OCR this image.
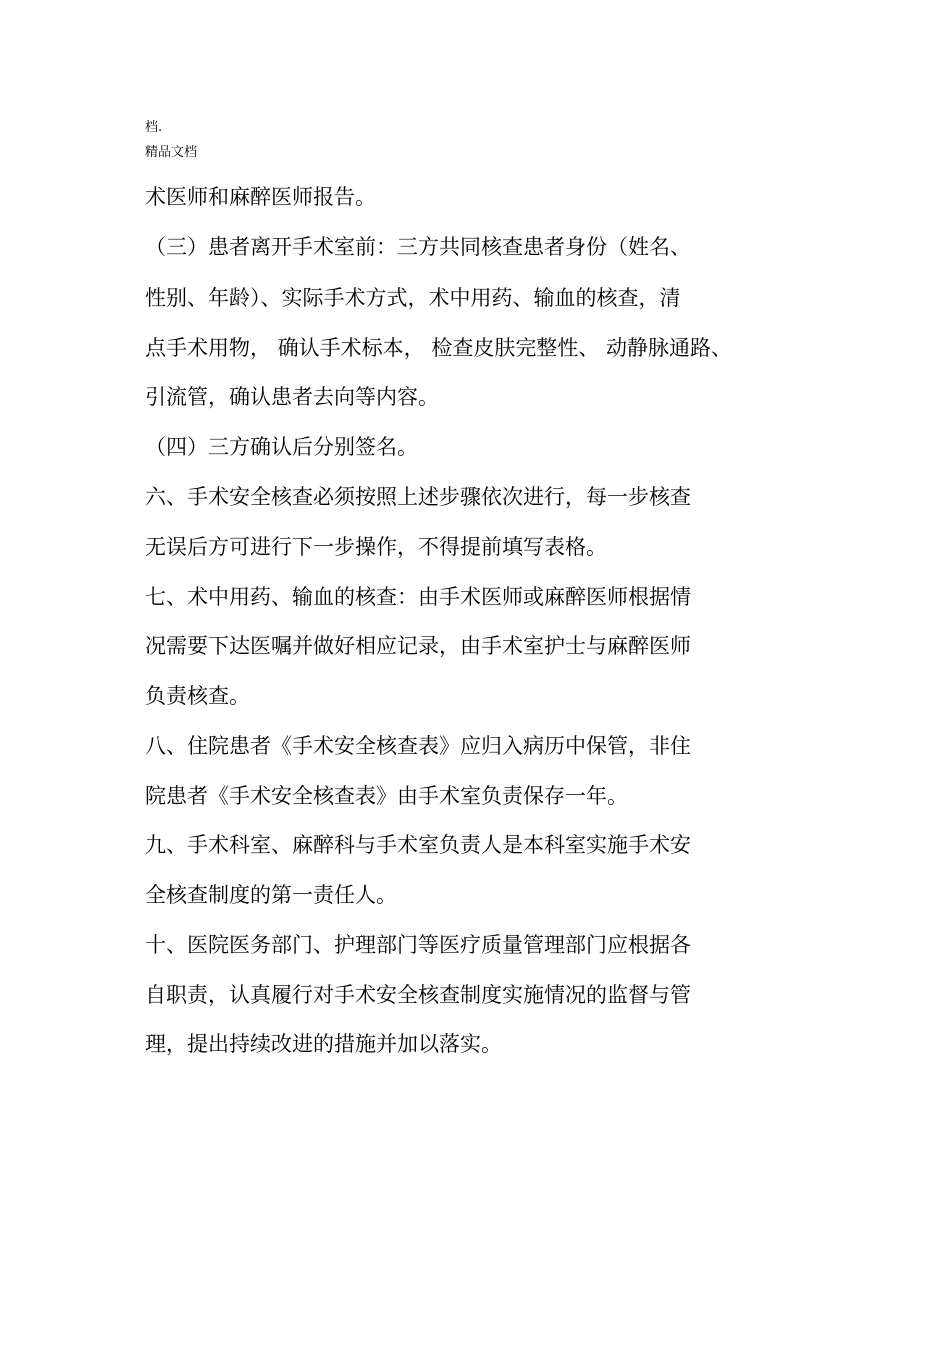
档.
精品文档
术医师和麻醉医师报告。
（三）患者离开手术室前：三方共同核查患者身份（姓名、
性别、年龄）、实际手术方式，术中用药、输血的核查，清
点手术用物， 确认手术标本， 检查皮肤完整性、 动静脉通路、
引流管，确认患者去向等内容。
（四）三方确认后分别签名。
六、手术安全核查必须按照上述步骤依次进行，每一步核查
无误后方可进行下一步操作，不得提前填写表格。
七、术中用药、输血的核查：由手术医师或麻醉医师根据情
况需要下达医嘱并做好相应记录，由手术室护士与麻醉医师
负责核查。
八、住院患者《手术安全核查表》应归入病历中保管，非住
院患者《手术安全核查表》由手术室负责保存一年。
九、手术科室、麻醉科与手术室负责人是本科室实施手术安
全核查制度的第一责任人。
十、医院医务部门、护理部门等医疗质量管理部门应根据各
自职责，认真履行对手术安全核查制度实施情况的监督与管
理，提出持续改进的措施并加以落实。
